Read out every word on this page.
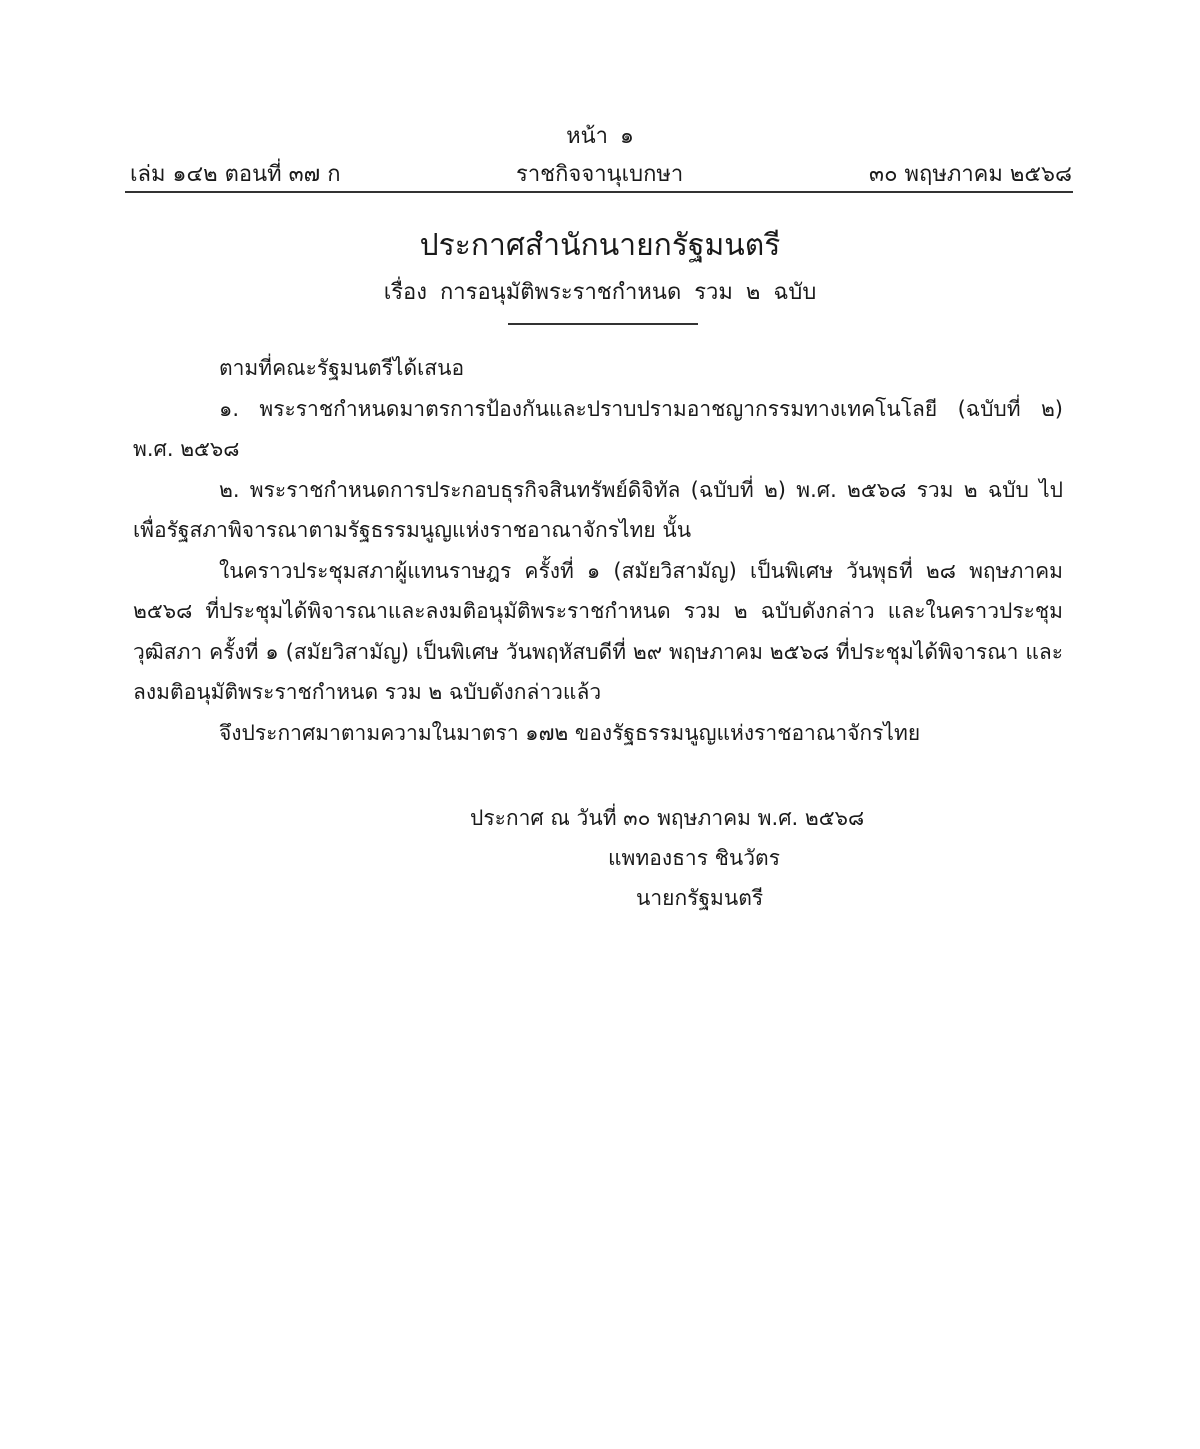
หน้า ๑
เล่ม ๑๔๒ ตอนที่ ๓๗ ก	ราชกิจจานุเบกษา	๓๐ พฤษภาคม ๒๕๖๘
ประกาศสำนักนายกรัฐมนตรี
เรื่อง การอนุมัติพระราชกำหนด รวม ๒ ฉบับ

ตามที่คณะรัฐมนตรีได้เสนอ

๑. พระราชกำหนดมาตรการป้องกันและปราบปรามอาชญากรรมทางเทคโนโลยี (ฉบับที่ ๒) พ.ศ. ๒๕๖๘

๒. พระราชกำหนดการประกอบธุรกิจสินทรัพย์ดิจิทัล (ฉบับที่ ๒) พ.ศ. ๒๕๖๘ รวม ๒ ฉบับ ไปเพื่อรัฐสภาพิจารณาตามรัฐธรรมนูญแห่งราชอาณาจักรไทย นั้น

ในคราวประชุมสภาผู้แทนราษฎร ครั้งที่ ๑ (สมัยวิสามัญ) เป็นพิเศษ วันพุธที่ ๒๘ พฤษภาคม ๒๕๖๘ ที่ประชุมได้พิจารณาและลงมติอนุมัติพระราชกำหนด รวม ๒ ฉบับดังกล่าว และในคราวประชุมวุฒิสภา ครั้งที่ ๑ (สมัยวิสามัญ) เป็นพิเศษ วันพฤหัสบดีที่ ๒๙ พฤษภาคม ๒๕๖๘ ที่ประชุมได้พิจารณา และลงมติอนุมัติพระราชกำหนด รวม ๒ ฉบับดังกล่าวแล้ว

จึงประกาศมาตามความในมาตรา ๑๗๒ ของรัฐธรรมนูญแห่งราชอาณาจักรไทย

ประกาศ ณ วันที่ ๓๐ พฤษภาคม พ.ศ. ๒๕๖๘
แพทองธาร ชินวัตร
นายกรัฐมนตรี
